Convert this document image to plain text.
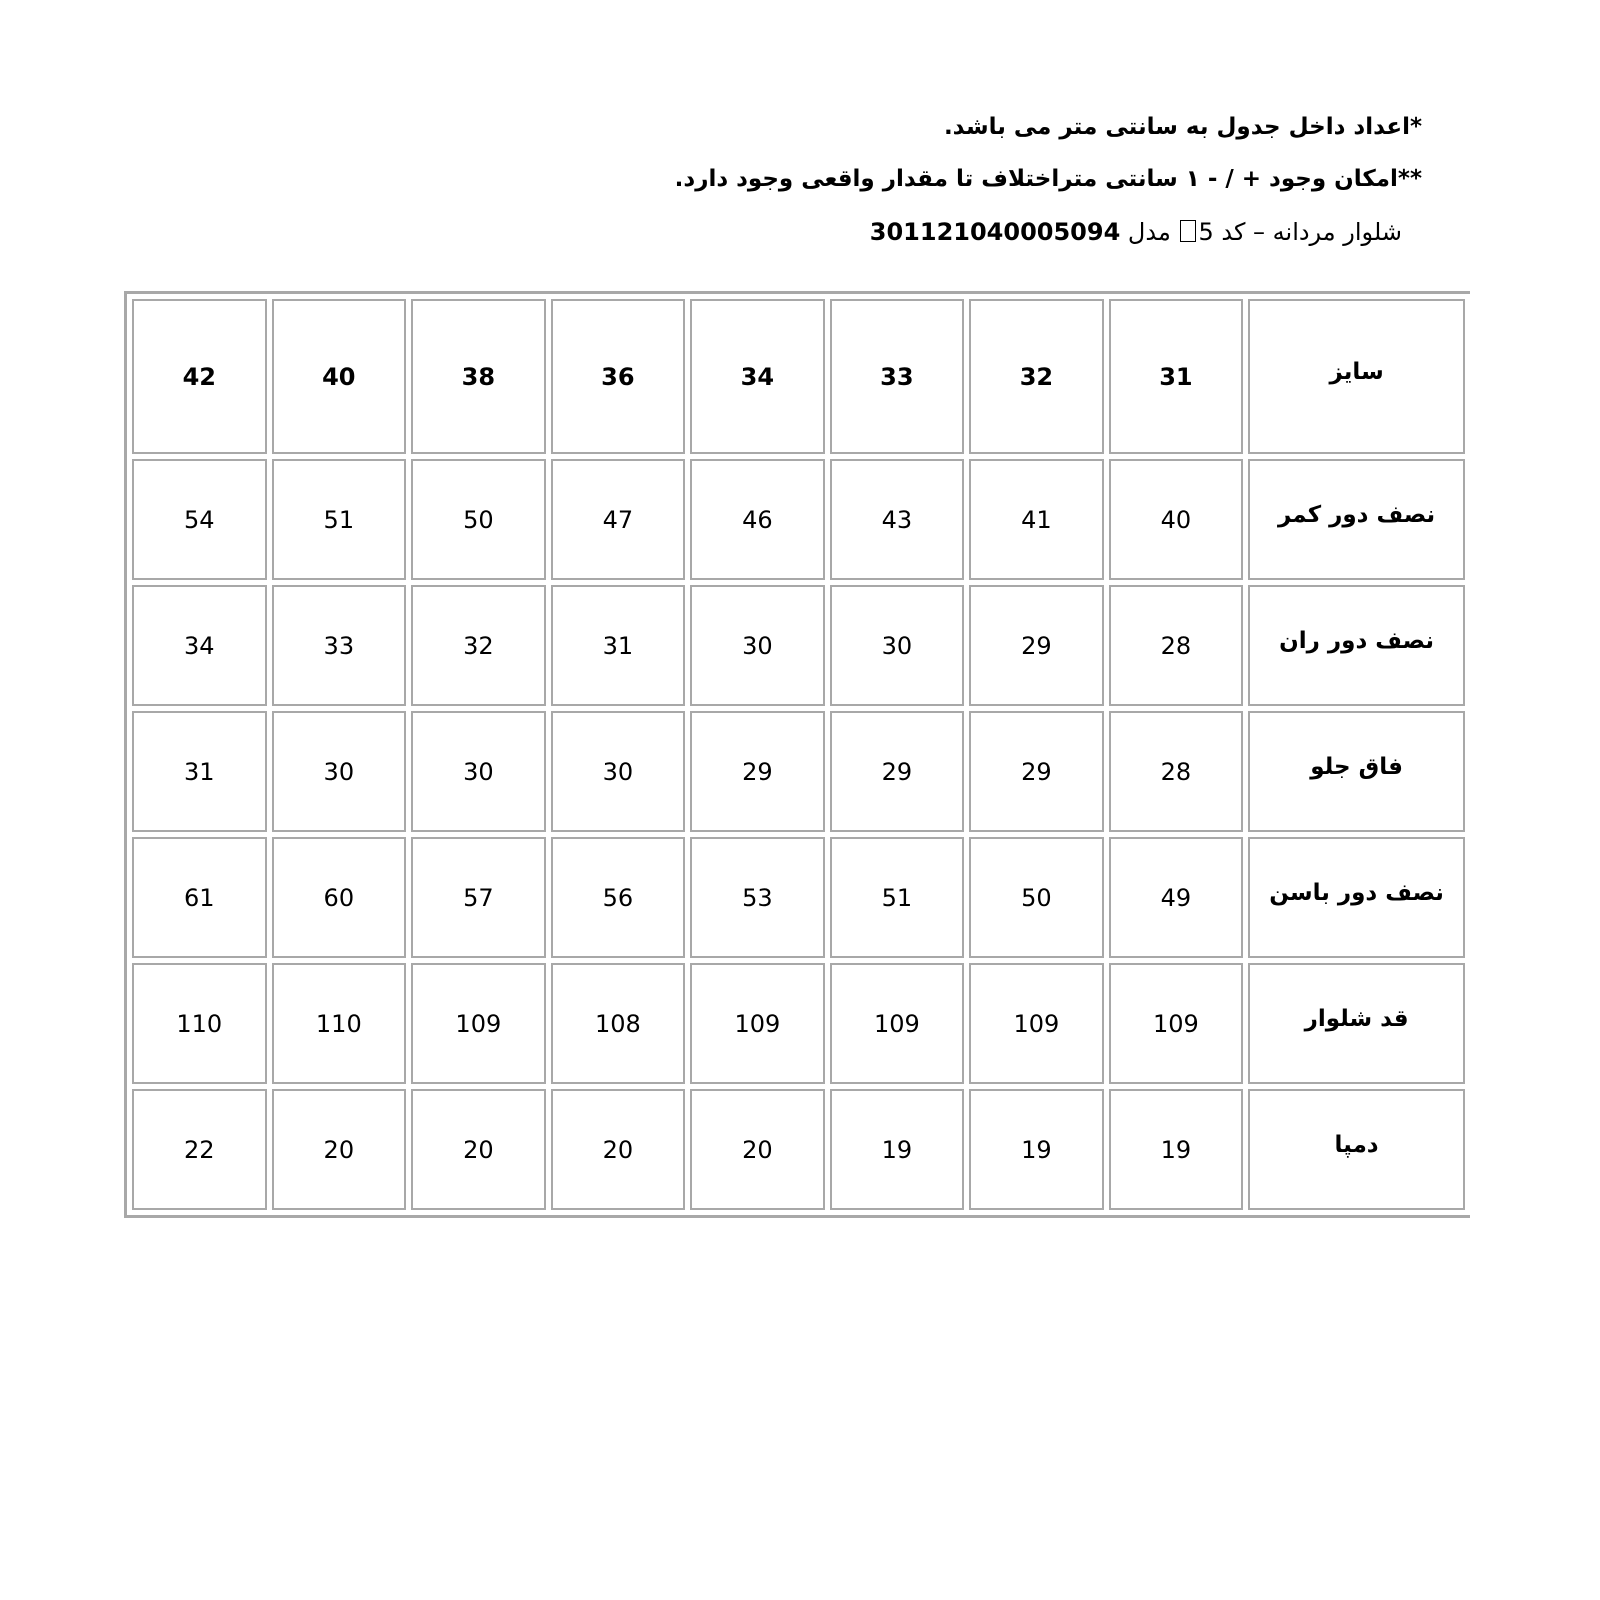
*اعداد داخل جدول به سانتی متر می باشد.
**امکان وجود + / - ۱ سانتی متراختلاف تا مقدار واقعی وجود دارد.
شلوار مردانه – کد 5 مدل 301121040005094
سایز	31	32	33	34	36	38	40	42
نصف دور کمر	40	41	43	46	47	50	51	54
نصف دور ران	28	29	30	30	31	32	33	34
فاق جلو	28	29	29	29	30	30	30	31
نصف دور باسن	49	50	51	53	56	57	60	61
قد شلوار	109	109	109	109	108	109	110	110
دمپا	19	19	19	20	20	20	20	22
